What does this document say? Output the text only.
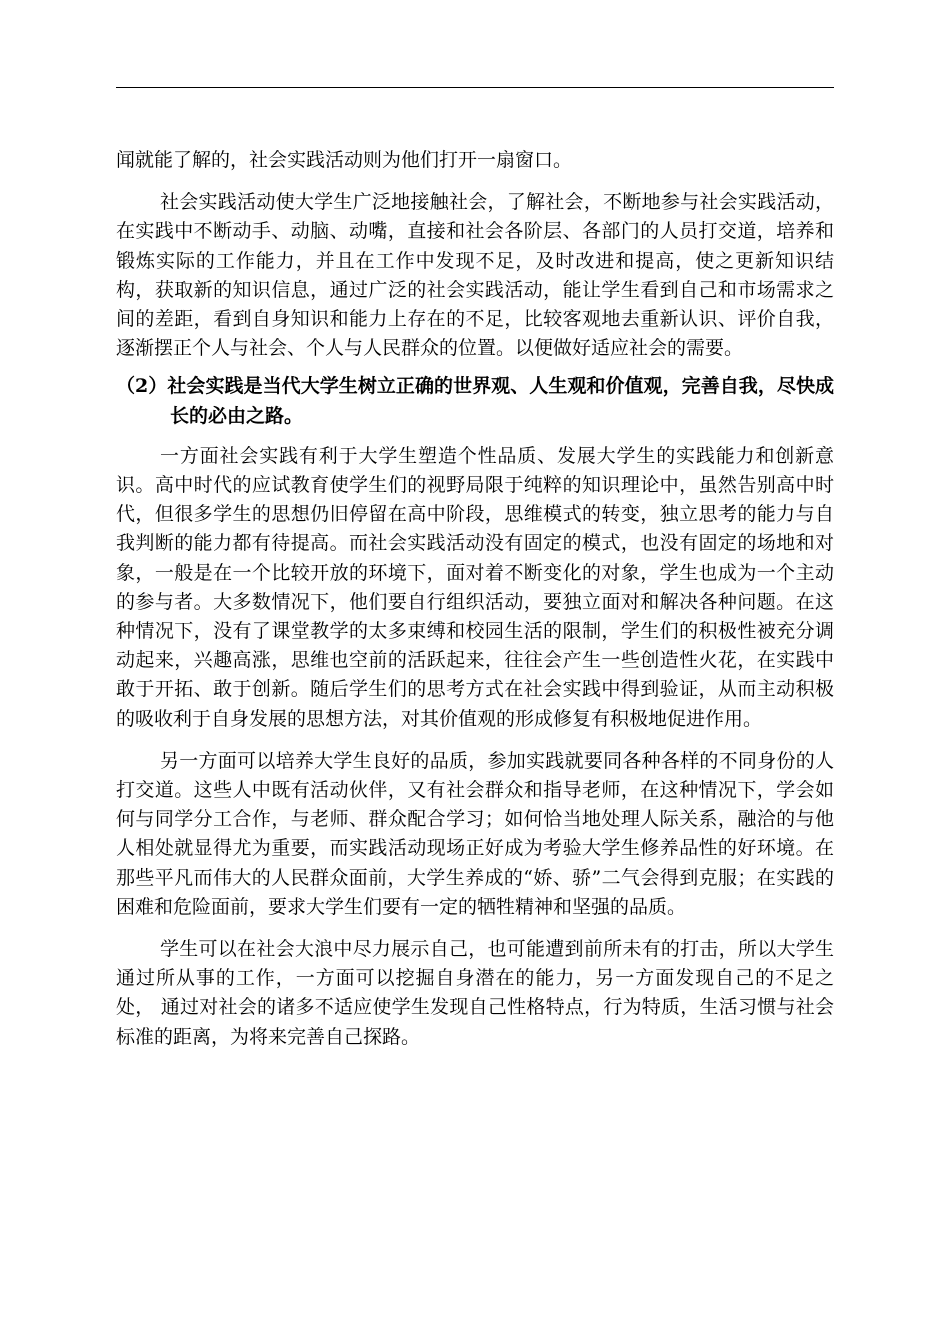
闻就能了解的，社会实践活动则为他们打开一扇窗口。

社会实践活动使大学生广泛地接触社会，了解社会，不断地参与社会实践活动，在实践中不断动手、动脑、动嘴，直接和社会各阶层、各部门的人员打交道，培养和锻炼实际的工作能力，并且在工作中发现不足，及时改进和提高，使之更新知识结构，获取新的知识信息，通过广泛的社会实践活动，能让学生看到自己和市场需求之间的差距，看到自身知识和能力上存在的不足，比较客观地去重新认识、评价自我，逐渐摆正个人与社会、个人与人民群众的位置。以便做好适应社会的需要。

（2）社会实践是当代大学生树立正确的世界观、人生观和价值观，完善自我，尽快成长的必由之路。

一方面社会实践有利于大学生塑造个性品质、发展大学生的实践能力和创新意识。高中时代的应试教育使学生们的视野局限于纯粹的知识理论中，虽然告别高中时代，但很多学生的思想仍旧停留在高中阶段，思维模式的转变，独立思考的能力与自我判断的能力都有待提高。而社会实践活动没有固定的模式，也没有固定的场地和对象，一般是在一个比较开放的环境下，面对着不断变化的对象，学生也成为一个主动的参与者。大多数情况下，他们要自行组织活动，要独立面对和解决各种问题。在这种情况下，没有了课堂教学的太多束缚和校园生活的限制，学生们的积极性被充分调动起来，兴趣高涨，思维也空前的活跃起来，往往会产生一些创造性火花，在实践中敢于开拓、敢于创新。随后学生们的思考方式在社会实践中得到验证，从而主动积极的吸收利于自身发展的思想方法，对其价值观的形成修复有积极地促进作用。

另一方面可以培养大学生良好的品质，参加实践就要同各种各样的不同身份的人打交道。这些人中既有活动伙伴，又有社会群众和指导老师，在这种情况下，学会如何与同学分工合作，与老师、群众配合学习；如何恰当地处理人际关系，融洽的与他人相处就显得尤为重要，而实践活动现场正好成为考验大学生修养品性的好环境。在那些平凡而伟大的人民群众面前，大学生养成的“娇、骄”二气会得到克服；在实践的困难和危险面前，要求大学生们要有一定的牺牲精神和坚强的品质。

学生可以在社会大浪中尽力展示自己，也可能遭到前所未有的打击，所以大学生通过所从事的工作，一方面可以挖掘自身潜在的能力，另一方面发现自己的不足之处， 通过对社会的诸多不适应使学生发现自己性格特点，行为特质，生活习惯与社会标准的距离，为将来完善自己探路。
